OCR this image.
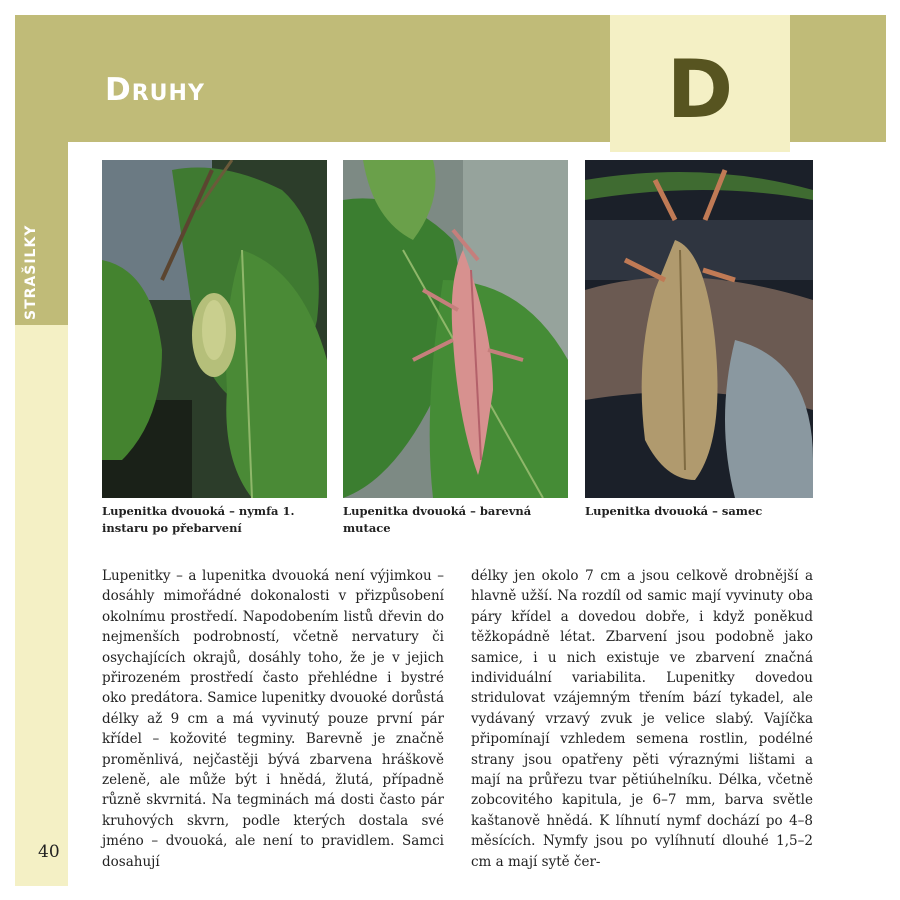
STRAŠILKY
Druhy	D
Lupenitka dvouoká – nymfa 1. instaru po přebarvení
Lupenitka dvouoká – barevná mutace
Lupenitka dvouoká – samec
Lupenitky – a lupenitka dvouoká není výjimkou – dosáhly mimořádné dokonalosti v přizpůsobení okolnímu prostředí. Napodobením listů dřevin do nejmenších podrobností, včetně nervatury či osychajících okrajů, dosáhly toho, že je v jejich přirozeném prostředí často přehlédne i bystré oko predátora. Samice lupenitky dvouoké dorůstá délky až 9 cm a má vyvinutý pouze první pár křídel – kožovité tegminy. Barevně je značně proměnlivá, nejčastěji bývá zbarvena hráškově zeleně, ale může být i hnědá, žlutá, případně různě skvrnitá. Na tegminách má dosti často pár kruhových skvrn, podle kterých dostala své jméno – dvouoká, ale není to pravidlem. Samci dosahují
délky jen okolo 7 cm a jsou celkově drobnější a hlavně užší. Na rozdíl od samic mají vyvinuty oba páry křídel a dovedou dobře, i když poněkud těžkopádně létat. Zbarvení jsou podobně jako samice, i u nich existuje ve zbarvení značná individuální variabilita. Lupenitky dovedou stridulovat vzájemným třením bází tykadel, ale vydávaný vrzavý zvuk je velice slabý. Vajíčka připomínají vzhledem semena rostlin, podélné strany jsou opatřeny pěti výraznými lištami a mají na průřezu tvar pětiúhelníku. Délka, včetně zobcovitého kapitula, je 6–7 mm, barva světle kaštanově hnědá. K líhnutí nymf dochází po 4–8 měsících. Nymfy jsou po vylíhnutí dlouhé 1,5–2 cm a mají sytě čer-
40
